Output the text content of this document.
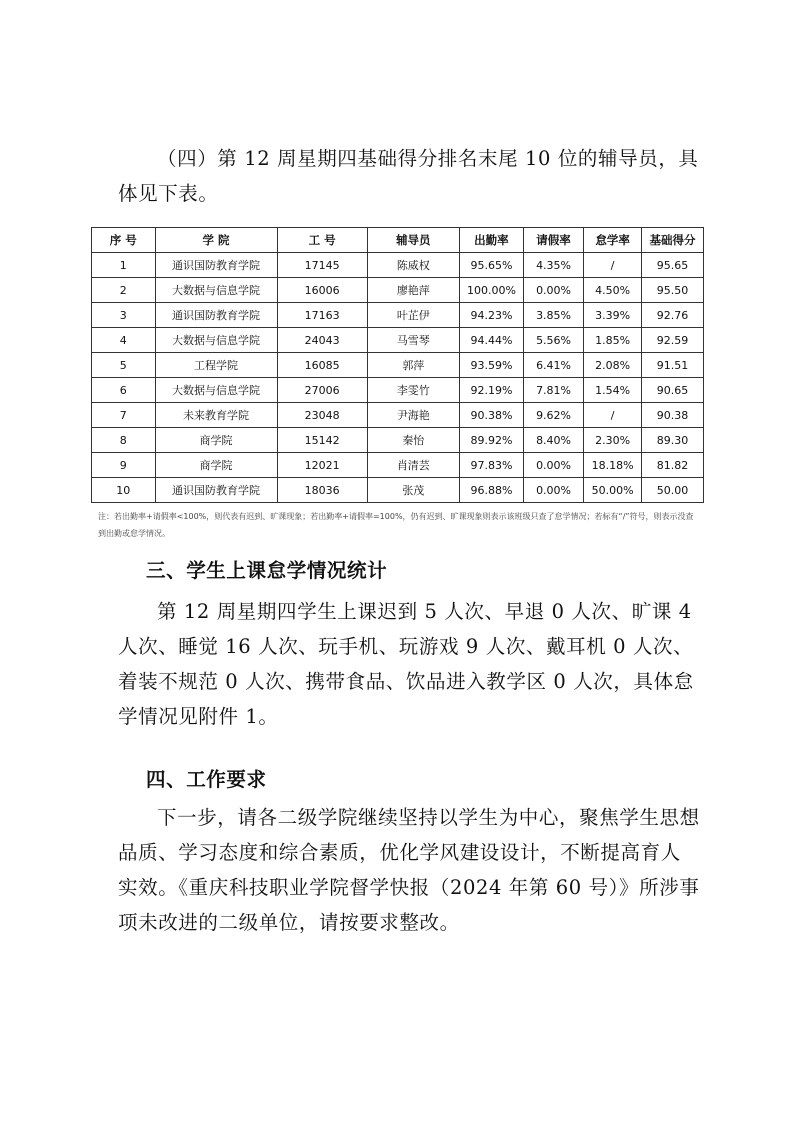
（四）第 12 周星期四基础得分排名末尾 10 位的辅导员，具体见下表。

序 号	学 院	工 号	辅导员	出勤率	请假率	怠学率	基础得分
1	通识国防教育学院	17145	陈威权	95.65%	4.35%	/	95.65
2	大数据与信息学院	16006	廖艳萍	100.00%	0.00%	4.50%	95.50
3	通识国防教育学院	17163	叶芷伊	94.23%	3.85%	3.39%	92.76
4	大数据与信息学院	24043	马雪琴	94.44%	5.56%	1.85%	92.59
5	工程学院	16085	郭萍	93.59%	6.41%	2.08%	91.51
6	大数据与信息学院	27006	李雯竹	92.19%	7.81%	1.54%	90.65
7	未来教育学院	23048	尹海艳	90.38%	9.62%	/	90.38
8	商学院	15142	秦怡	89.92%	8.40%	2.30%	89.30
9	商学院	12021	肖清芸	97.83%	0.00%	18.18%	81.82
10	通识国防教育学院	18036	张茂	96.88%	0.00%	50.00%	50.00

注：若出勤率+请假率<100%，则代表有迟到、旷课现象；若出勤率+请假率=100%，仍有迟到、旷课现象则表示该班级只查了怠学情况；若标有“/”符号，则表示没查到出勤或怠学情况。

三、学生上课怠学情况统计

第 12 周星期四学生上课迟到 5 人次、早退 0 人次、旷课 4 人次、睡觉 16 人次、玩手机、玩游戏 9 人次、戴耳机 0 人次、着装不规范 0 人次、携带食品、饮品进入教学区 0 人次，具体怠学情况见附件 1。

四、工作要求

下一步，请各二级学院继续坚持以学生为中心，聚焦学生思想品质、学习态度和综合素质，优化学风建设设计，不断提高育人实效。《重庆科技职业学院督学快报（2024 年第 60 号）》所涉事项未改进的二级单位，请按要求整改。
